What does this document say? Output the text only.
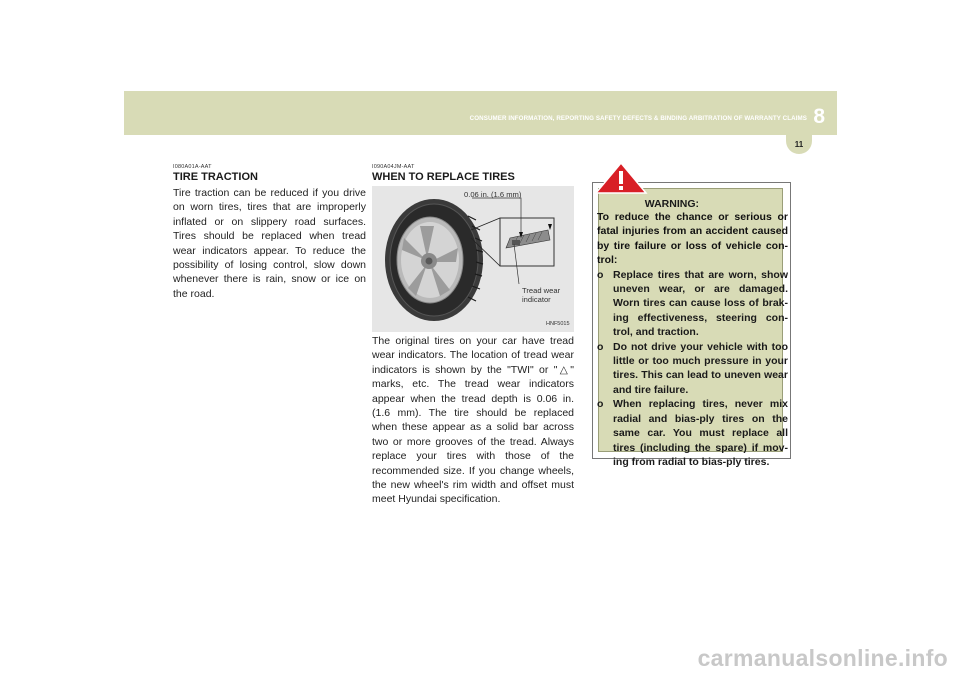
CONSUMER INFORMATION, REPORTING SAFETY DEFECTS & BINDING ARBITRATION OF WARRANTY CLAIMS 8
11
I080A01A-AAT
TIRE TRACTION

Tire traction can be reduced if you drive on worn tires, tires that are improperly inflated or on slippery road surfaces. Tires should be replaced when tread wear indicators appear. To reduce the possibility of losing control, slow down whenever there is rain, snow or ice on the road.

I090A04JM-AAT
WHEN TO REPLACE TIRES
0.06 in. (1.6 mm)
Tread wear
indicator
HNF5015

The original tires on your car have tread wear indicators. The location of tread wear indicators is shown by the "TWI" or "△" marks, etc. The tread wear indicators appear when the tread depth is 0.06 in. (1.6 mm). The tire should be replaced when these appear as a solid bar across two or more grooves of the tread. Always replace your tires with those of the recommended size. If you change wheels, the new wheel's rim width and offset must meet Hyundai specification.

WARNING:

To reduce the chance or serious or fatal injuries from an accident caused by tire failure or loss of vehicle con-trol:

o Replace tires that are worn, show uneven wear, or are damaged. Worn tires can cause loss of brak-ing effectiveness, steering con-trol, and traction.
o Do not drive your vehicle with too little or too much pressure in your tires. This can lead to uneven wear and tire failure.
o When replacing tires, never mix radial and bias-ply tires on the same car. You must replace all tires (including the spare) if mov-ing from radial to bias-ply tires.
carmanualsonline.info
